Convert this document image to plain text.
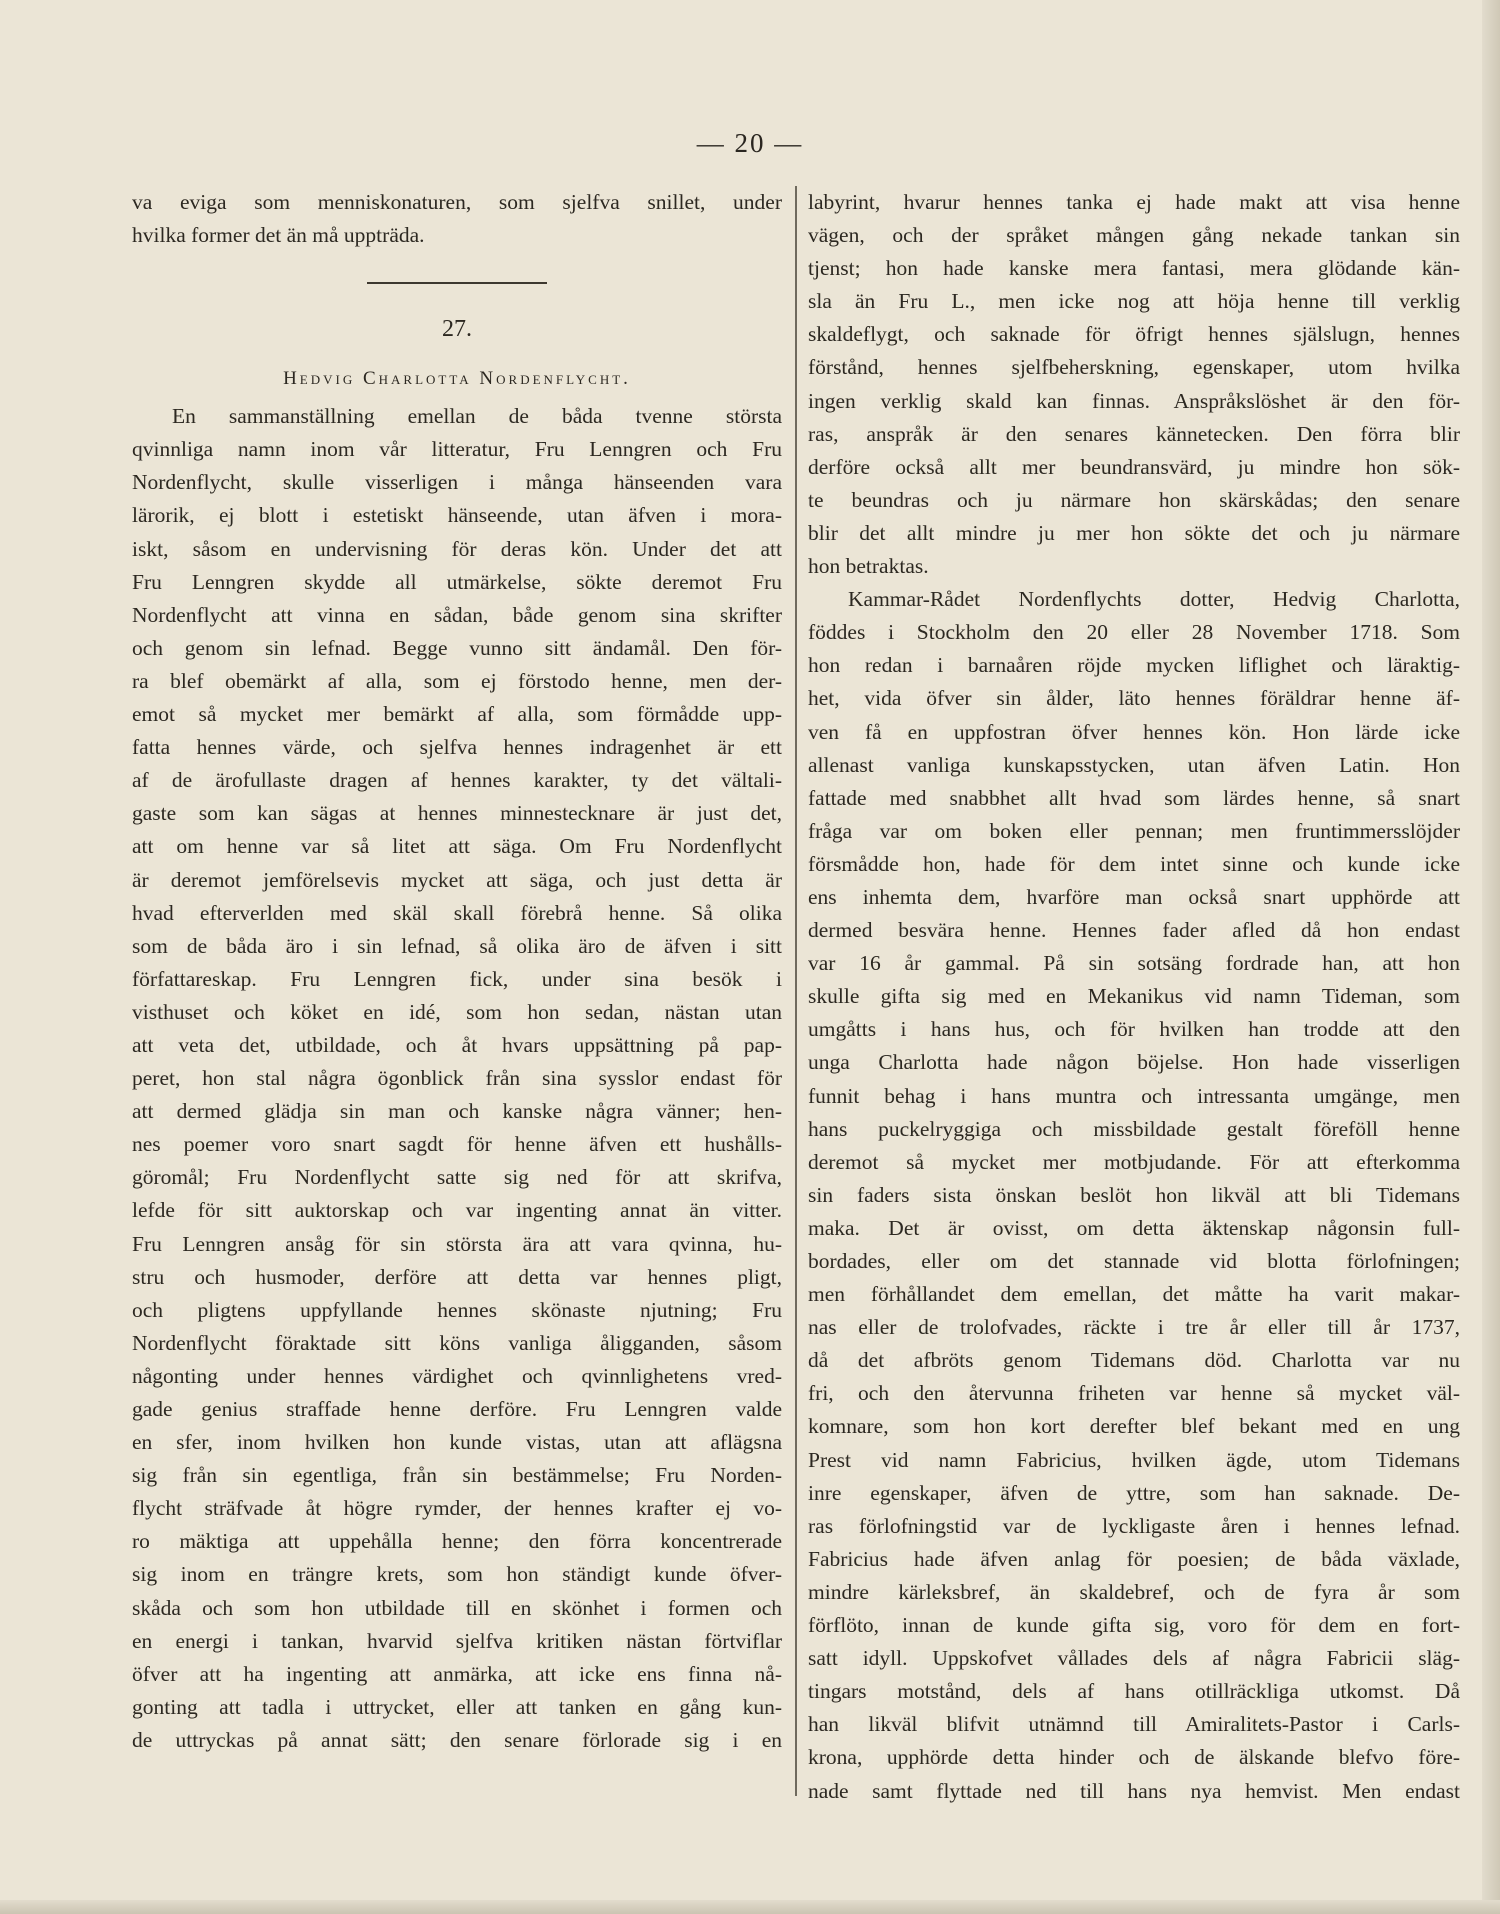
— 20 —
va eviga som menniskonaturen, som sjelfva snillet, under
hvilka former det än må uppträda.
27.
Hedvig Charlotta Nordenflycht.
En sammanställning emellan de båda tvenne största
qvinnliga namn inom vår litteratur, Fru Lenngren och Fru
Nordenflycht, skulle visserligen i många hänseenden vara
lärorik, ej blott i estetiskt hänseende, utan äfven i mora-
iskt, såsom en undervisning för deras kön. Under det att
Fru Lenngren skydde all utmärkelse, sökte deremot Fru
Nordenflycht att vinna en sådan, både genom sina skrifter
och genom sin lefnad. Begge vunno sitt ändamål. Den för-
ra blef obemärkt af alla, som ej förstodo henne, men der-
emot så mycket mer bemärkt af alla, som förmådde upp-
fatta hennes värde, och sjelfva hennes indragenhet är ett
af de ärofullaste dragen af hennes karakter, ty det vältali-
gaste som kan sägas at hennes minnestecknare är just det,
att om henne var så litet att säga. Om Fru Nordenflycht
är deremot jemförelsevis mycket att säga, och just detta är
hvad efterverlden med skäl skall förebrå henne. Så olika
som de båda äro i sin lefnad, så olika äro de äfven i sitt
författareskap. Fru Lenngren fick, under sina besök i
visthuset och köket en idé, som hon sedan, nästan utan
att veta det, utbildade, och åt hvars uppsättning på pap-
peret, hon stal några ögonblick från sina sysslor endast för
att dermed glädja sin man och kanske några vänner; hen-
nes poemer voro snart sagdt för henne äfven ett hushålls-
göromål; Fru Nordenflycht satte sig ned för att skrifva,
lefde för sitt auktorskap och var ingenting annat än vitter.
Fru Lenngren ansåg för sin största ära att vara qvinna, hu-
stru och husmoder, derföre att detta var hennes pligt,
och pligtens uppfyllande hennes skönaste njutning; Fru
Nordenflycht föraktade sitt köns vanliga åligganden, såsom
någonting under hennes värdighet och qvinnlighetens vred-
gade genius straffade henne derföre. Fru Lenngren valde
en sfer, inom hvilken hon kunde vistas, utan att aflägsna
sig från sin egentliga, från sin bestämmelse; Fru Norden-
flycht sträfvade åt högre rymder, der hennes krafter ej vo-
ro mäktiga att uppehålla henne; den förra koncentrerade
sig inom en trängre krets, som hon ständigt kunde öfver-
skåda och som hon utbildade till en skönhet i formen och
en energi i tankan, hvarvid sjelfva kritiken nästan förtviflar
öfver att ha ingenting att anmärka, att icke ens finna nå-
gonting att tadla i uttrycket, eller att tanken en gång kun-
de uttryckas på annat sätt; den senare förlorade sig i en
labyrint, hvarur hennes tanka ej hade makt att visa henne
vägen, och der språket mången gång nekade tankan sin
tjenst; hon hade kanske mera fantasi, mera glödande kän-
sla än Fru L., men icke nog att höja henne till verklig
skaldeflygt, och saknade för öfrigt hennes själslugn, hennes
förstånd, hennes sjelfbeherskning, egenskaper, utom hvilka
ingen verklig skald kan finnas. Anspråkslöshet är den för-
ras, anspråk är den senares kännetecken. Den förra blir
derföre också allt mer beundransvärd, ju mindre hon sök-
te beundras och ju närmare hon skärskådas; den senare
blir det allt mindre ju mer hon sökte det och ju närmare
hon betraktas.
Kammar-Rådet Nordenflychts dotter, Hedvig Charlotta,
föddes i Stockholm den 20 eller 28 November 1718. Som
hon redan i barnaåren röjde mycken liflighet och läraktig-
het, vida öfver sin ålder, läto hennes föräldrar henne äf-
ven få en uppfostran öfver hennes kön. Hon lärde icke
allenast vanliga kunskapsstycken, utan äfven Latin. Hon
fattade med snabbhet allt hvad som lärdes henne, så snart
fråga var om boken eller pennan; men fruntimmersslöjder
försmådde hon, hade för dem intet sinne och kunde icke
ens inhemta dem, hvarföre man också snart upphörde att
dermed besvära henne. Hennes fader afled då hon endast
var 16 år gammal. På sin sotsäng fordrade han, att hon
skulle gifta sig med en Mekanikus vid namn Tideman, som
umgåtts i hans hus, och för hvilken han trodde att den
unga Charlotta hade någon böjelse. Hon hade visserligen
funnit behag i hans muntra och intressanta umgänge, men
hans puckelryggiga och missbildade gestalt föreföll henne
deremot så mycket mer motbjudande. För att efterkomma
sin faders sista önskan beslöt hon likväl att bli Tidemans
maka. Det är ovisst, om detta äktenskap någonsin full-
bordades, eller om det stannade vid blotta förlofningen;
men förhållandet dem emellan, det måtte ha varit makar-
nas eller de trolofvades, räckte i tre år eller till år 1737,
då det afbröts genom Tidemans död. Charlotta var nu
fri, och den återvunna friheten var henne så mycket väl-
komnare, som hon kort derefter blef bekant med en ung
Prest vid namn Fabricius, hvilken ägde, utom Tidemans
inre egenskaper, äfven de yttre, som han saknade. De-
ras förlofningstid var de lyckligaste åren i hennes lefnad.
Fabricius hade äfven anlag för poesien; de båda växlade,
mindre kärleksbref, än skaldebref, och de fyra år som
förflöto, innan de kunde gifta sig, voro för dem en fort-
satt idyll. Uppskofvet vållades dels af några Fabricii släg-
tingars motstånd, dels af hans otillräckliga utkomst. Då
han likväl blifvit utnämnd till Amiralitets-Pastor i Carls-
krona, upphörde detta hinder och de älskande blefvo före-
nade samt flyttade ned till hans nya hemvist. Men endast
